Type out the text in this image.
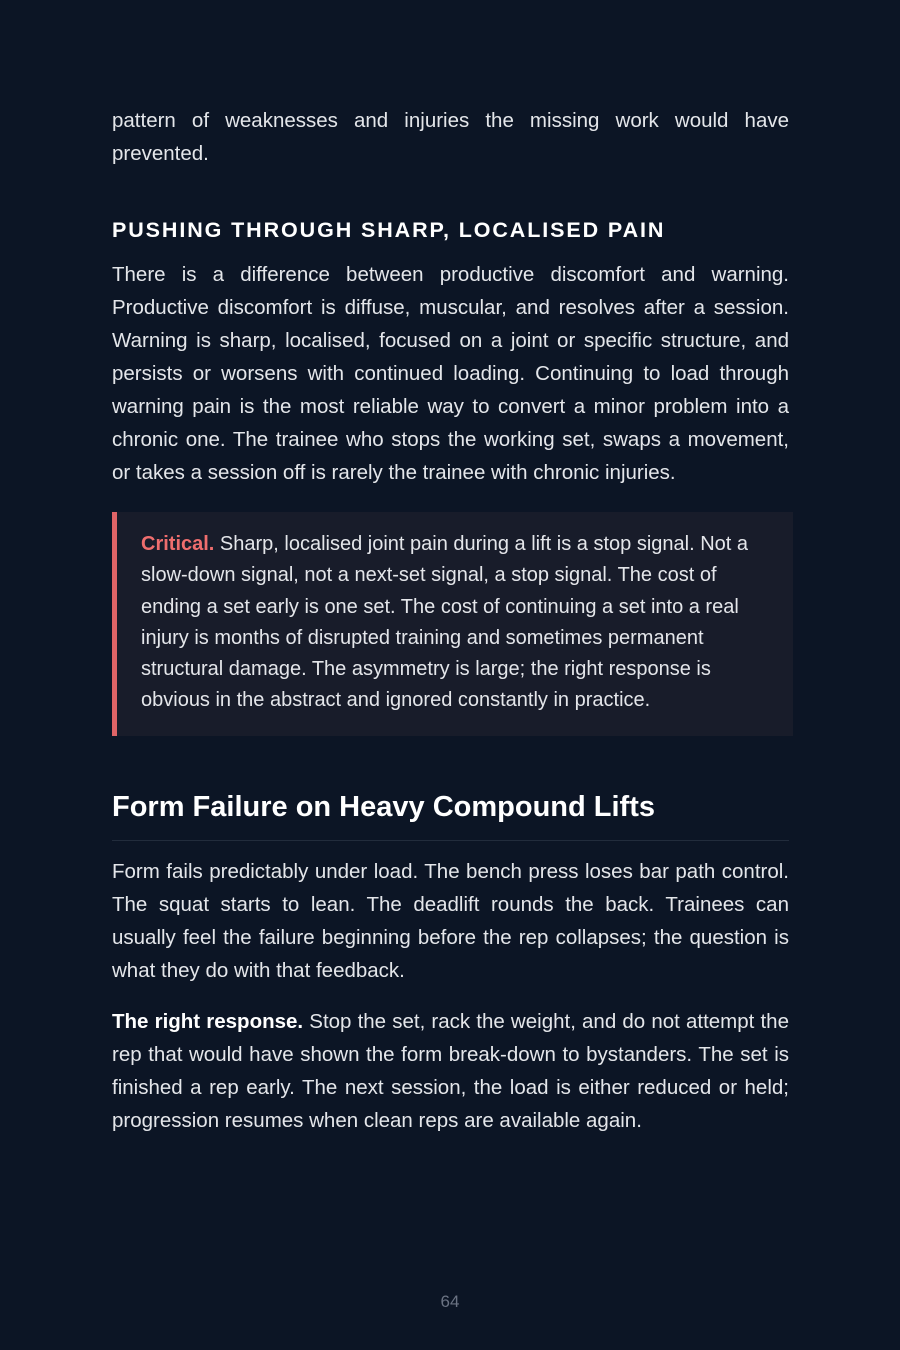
pattern of weaknesses and injuries the missing work would have prevented.

PUSHING THROUGH SHARP, LOCALISED PAIN

There is a difference between productive discomfort and warning. Productive discomfort is diffuse, muscular, and resolves after a session. Warning is sharp, localised, focused on a joint or specific structure, and persists or worsens with continued loading. Continuing to load through warning pain is the most reliable way to convert a minor problem into a chronic one. The trainee who stops the working set, swaps a movement, or takes a session off is rarely the trainee with chronic injuries.

Critical. Sharp, localised joint pain during a lift is a stop signal. Not a slow-down signal, not a next-set signal, a stop signal. The cost of ending a set early is one set. The cost of continuing a set into a real injury is months of disrupted training and sometimes permanent structural damage. The asymmetry is large; the right response is obvious in the abstract and ignored constantly in practice.

Form Failure on Heavy Compound Lifts

Form fails predictably under load. The bench press loses bar path control. The squat starts to lean. The deadlift rounds the back. Trainees can usually feel the failure beginning before the rep collapses; the question is what they do with that feedback.

The right response. Stop the set, rack the weight, and do not attempt the rep that would have shown the form break-down to bystanders. The set is finished a rep early. The next session, the load is either reduced or held; progression resumes when clean reps are available again.

64
